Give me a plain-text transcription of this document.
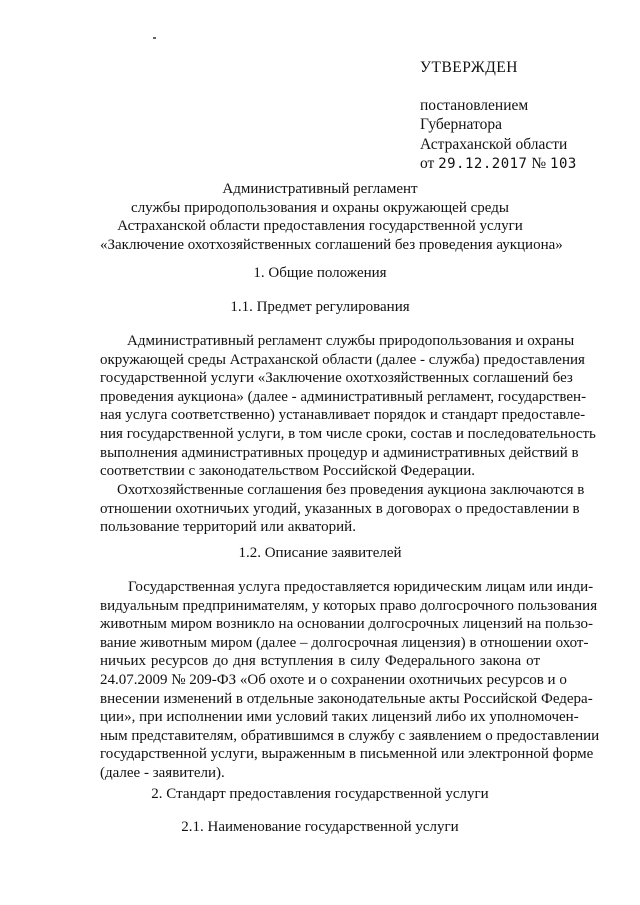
УТВЕРЖДЕН
постановлением
Губернатора
Астраханской области
от 29.12.2017 № 103
Административный регламент
службы природопользования и охраны окружающей среды
Астраханской области предоставления государственной услуги
«Заключение охотхозяйственных соглашений без проведения аукциона»
1. Общие положения
1.1. Предмет регулирования
Административный регламент службы природопользования и охраны
окружающей среды Астраханской области (далее - служба) предоставления
государственной услуги «Заключение охотхозяйственных соглашений без
проведения аукциона» (далее - административный регламент, государствен-
ная услуга соответственно) устанавливает порядок и стандарт предоставле-
ния государственной услуги, в том числе сроки, состав и последовательность
выполнения административных процедур и административных действий в
соответствии с законодательством Российской Федерации.
Охотхозяйственные соглашения без проведения аукциона заключаются в
отношении охотничьих угодий, указанных в договорах о предоставлении в
пользование территорий или акваторий.
1.2. Описание заявителей
Государственная услуга предоставляется юридическим лицам или инди-
видуальным предпринимателям, у которых право долгосрочного пользования
животным миром возникло на основании долгосрочных лицензий на пользо-
вание животным миром (далее – долгосрочная лицензия) в отношении охот-
ничьих ресурсов до дня вступления в силу Федерального закона от
24.07.2009 № 209-ФЗ «Об охоте и о сохранении охотничьих ресурсов и о
внесении изменений в отдельные законодательные акты Российской Федера-
ции», при исполнении ими условий таких лицензий либо их уполномочен-
ным представителям, обратившимся в службу с заявлением о предоставлении
государственной услуги, выраженным в письменной или электронной форме
(далее - заявители).
2. Стандарт предоставления государственной услуги
2.1. Наименование государственной услуги
